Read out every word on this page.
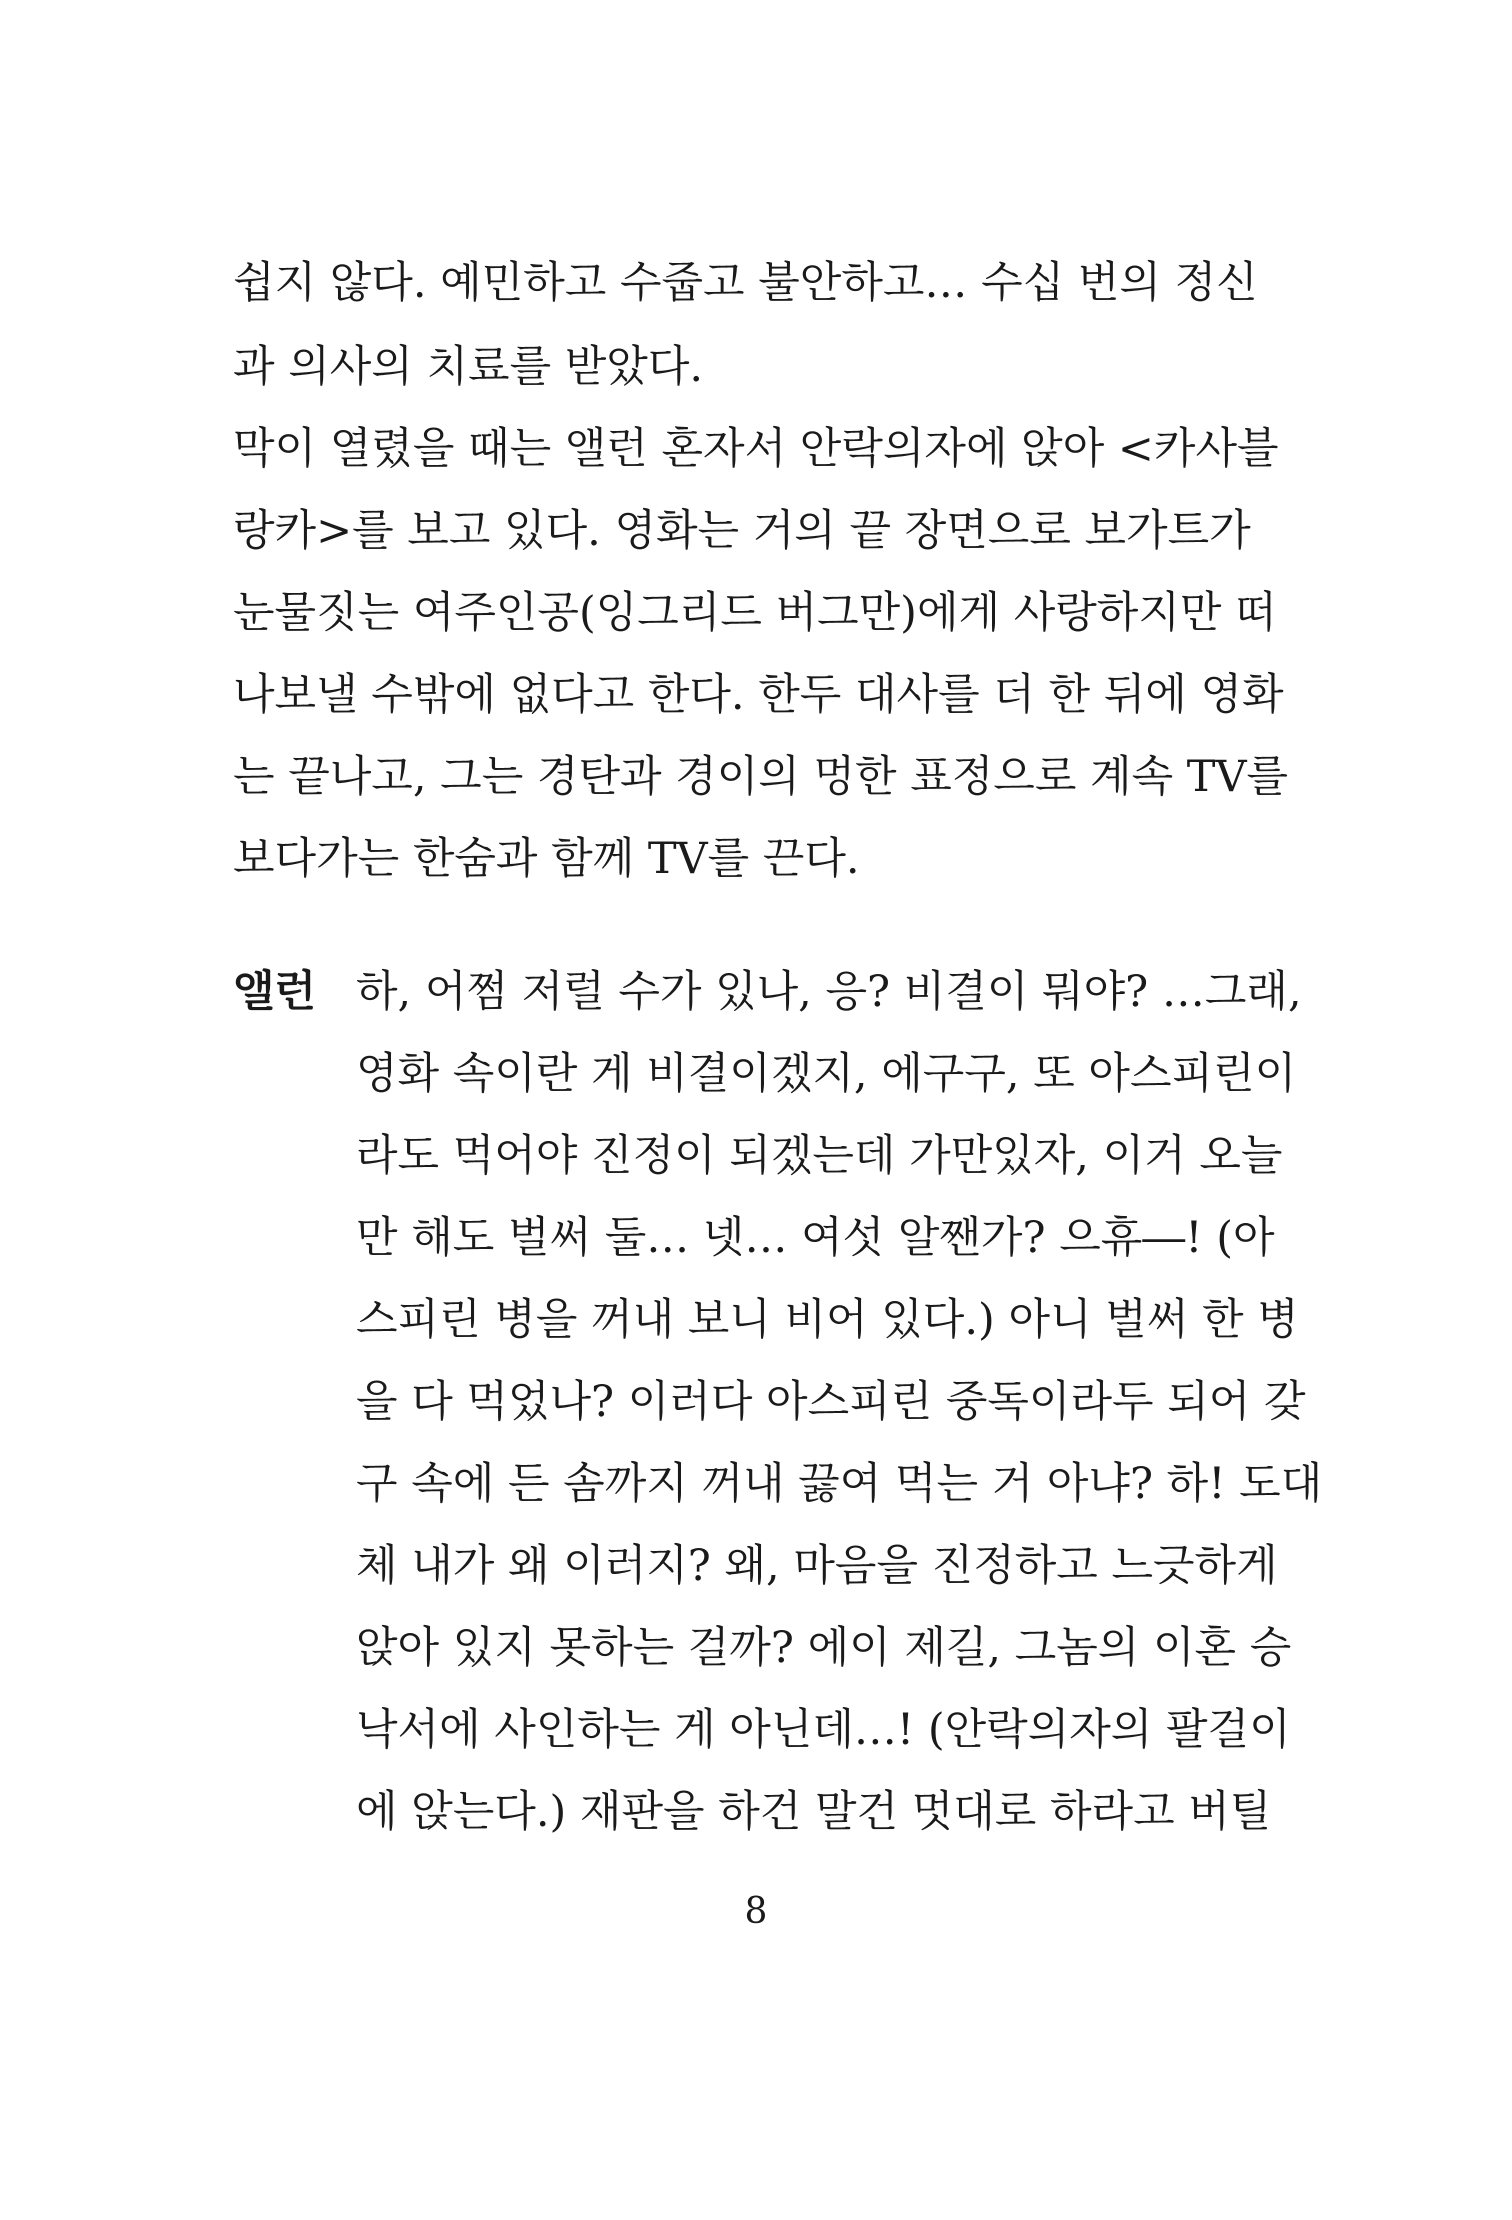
쉽지 않다. 예민하고 수줍고 불안하고… 수십 번의 정신
과 의사의 치료를 받았다.
막이 열렸을 때는 앨런 혼자서 안락의자에 앉아 <카사블
랑카>를 보고 있다. 영화는 거의 끝 장면으로 보가트가
눈물짓는 여주인공(잉그리드 버그만)에게 사랑하지만 떠
나보낼 수밖에 없다고 한다. 한두 대사를 더 한 뒤에 영화
는 끝나고, 그는 경탄과 경이의 멍한 표정으로 계속 TV를
보다가는 한숨과 함께 TV를 끈다.
앨런 하, 어쩜 저럴 수가 있나, 응? 비결이 뭐야? …그래,
영화 속이란 게 비결이겠지, 에구구, 또 아스피린이
라도 먹어야 진정이 되겠는데 가만있자, 이거 오늘
만 해도 벌써 둘… 넷… 여섯 알짼가? 으휴―! (아
스피린 병을 꺼내 보니 비어 있다.) 아니 벌써 한 병
을 다 먹었나? 이러다 아스피린 중독이라두 되어 갖
구 속에 든 솜까지 꺼내 끓여 먹는 거 아냐? 하! 도대
체 내가 왜 이러지? 왜, 마음을 진정하고 느긋하게
앉아 있지 못하는 걸까? 에이 제길, 그놈의 이혼 승
낙서에 사인하는 게 아닌데…! (안락의자의 팔걸이
에 앉는다.) 재판을 하건 말건 멋대로 하라고 버틸
8
